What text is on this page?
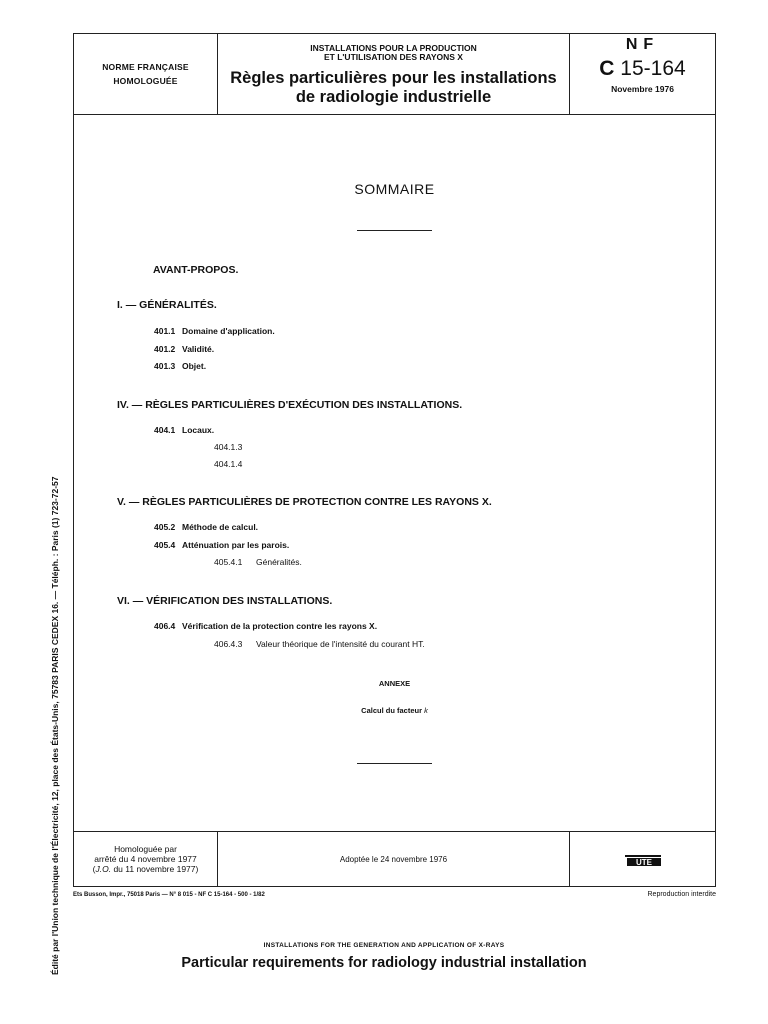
Édité par l'Union technique de l'Électricité, 12, place des États-Unis, 75783 PARIS CEDEX 16. — Téléph. : Paris (1) 723-72-57
NORME FRANÇAISE
HOMOLOGUÉE
INSTALLATIONS POUR LA PRODUCTION
ET L'UTILISATION DES RAYONS X
Règles particulières pour les installations
de radiologie industrielle
NF
C 15-164
Novembre 1976
SOMMAIRE
AVANT-PROPOS.
I. — GÉNÉRALITÉS.
401.1 Domaine d'application.
401.2 Validité.
401.3 Objet.
IV. — RÈGLES PARTICULIÈRES D'EXÉCUTION DES INSTALLATIONS.
404.1 Locaux.
404.1.3
404.1.4
V. — RÈGLES PARTICULIÈRES DE PROTECTION CONTRE LES RAYONS X.
405.2 Méthode de calcul.
405.4 Atténuation par les parois.
405.4.1 Généralités.
VI. — VÉRIFICATION DES INSTALLATIONS.
406.4 Vérification de la protection contre les rayons X.
406.4.3 Valeur théorique de l'intensité du courant HT.
ANNEXE
Calcul du facteur k
Homologuée par
arrêté du 4 novembre 1977
(J.O. du 11 novembre 1977)
Adoptée le 24 novembre 1976	UTE
Ets Busson, Impr., 75018 Paris — N° 8 015 - NF C 15-164 - 500 - 1/82	Reproduction interdite
INSTALLATIONS FOR THE GENERATION AND APPLICATION OF X-RAYS
Particular requirements for radiology industrial installation
